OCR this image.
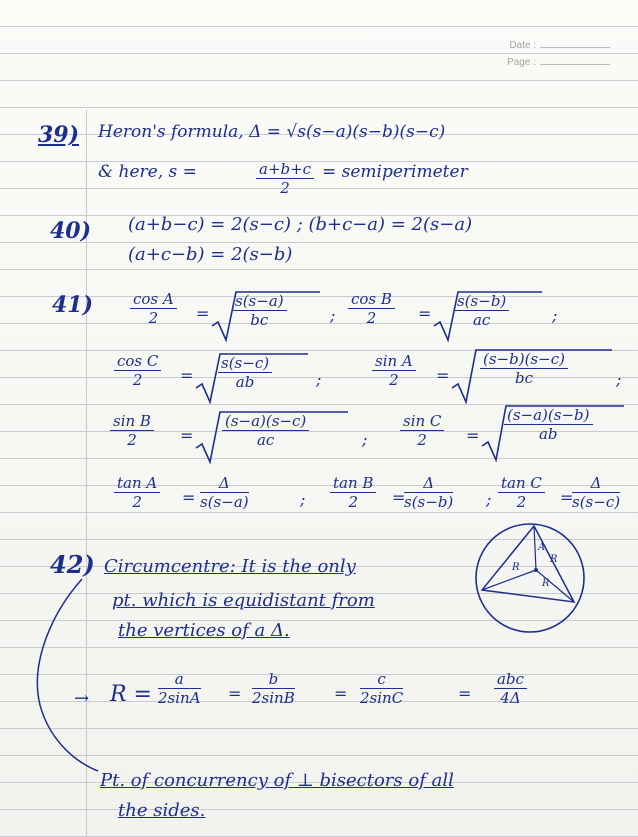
Date :
Page :
39) Heron's formula, Δ = √s(s−a)(s−b)(s−c)
& here, s =	$\frac{a+b+c}{2}$ = semiperimeter
40) (a+b−c) = 2(s−c) ; (b+c−a) = 2(s−a)
(a+c−b) = 2(s−b)
$41) \frac{\text{cos A}}{2} = \frac{s(s-a)}{bc}$	; $\frac{\text{cos B}}{2} = \frac{s(s-b)}{ac}$	;
$\frac{\text{cos C}}{2} = \frac{s(s-c)}{ab}$	;	$\frac{\text{sin A}}{2} = \frac{(s-b)(s-c)}{bc}$	;
$\frac{\text{sin B}}{2} = \frac{(s-a)(s-c)}{ac}$	; $\frac{\text{sin C}}{2} = \frac{(s-a)(s-b)}{ab}$
$\frac{\text{tan A}}{2} = \frac{\Delta}{s(s-a)}$	; $\frac{\text{tan B}}{2}$ =
$\frac{\Delta}{s(s-b)}$ ; $\frac{\text{tan C}}{2}$ =
$\frac{\Delta}{s(s-c)}$
42) Circumcentre: It is the only
pt. which is equidistant from
the vertices of a Δ.
A
R
R
R
→ $R = \frac{a}{2\sin A} = \frac{b}{2\sin B} = \frac{c}{2\sin C}$	=
abc
4Δ
Pt. of concurrency of ⊥ bisectors of all
the sides.
